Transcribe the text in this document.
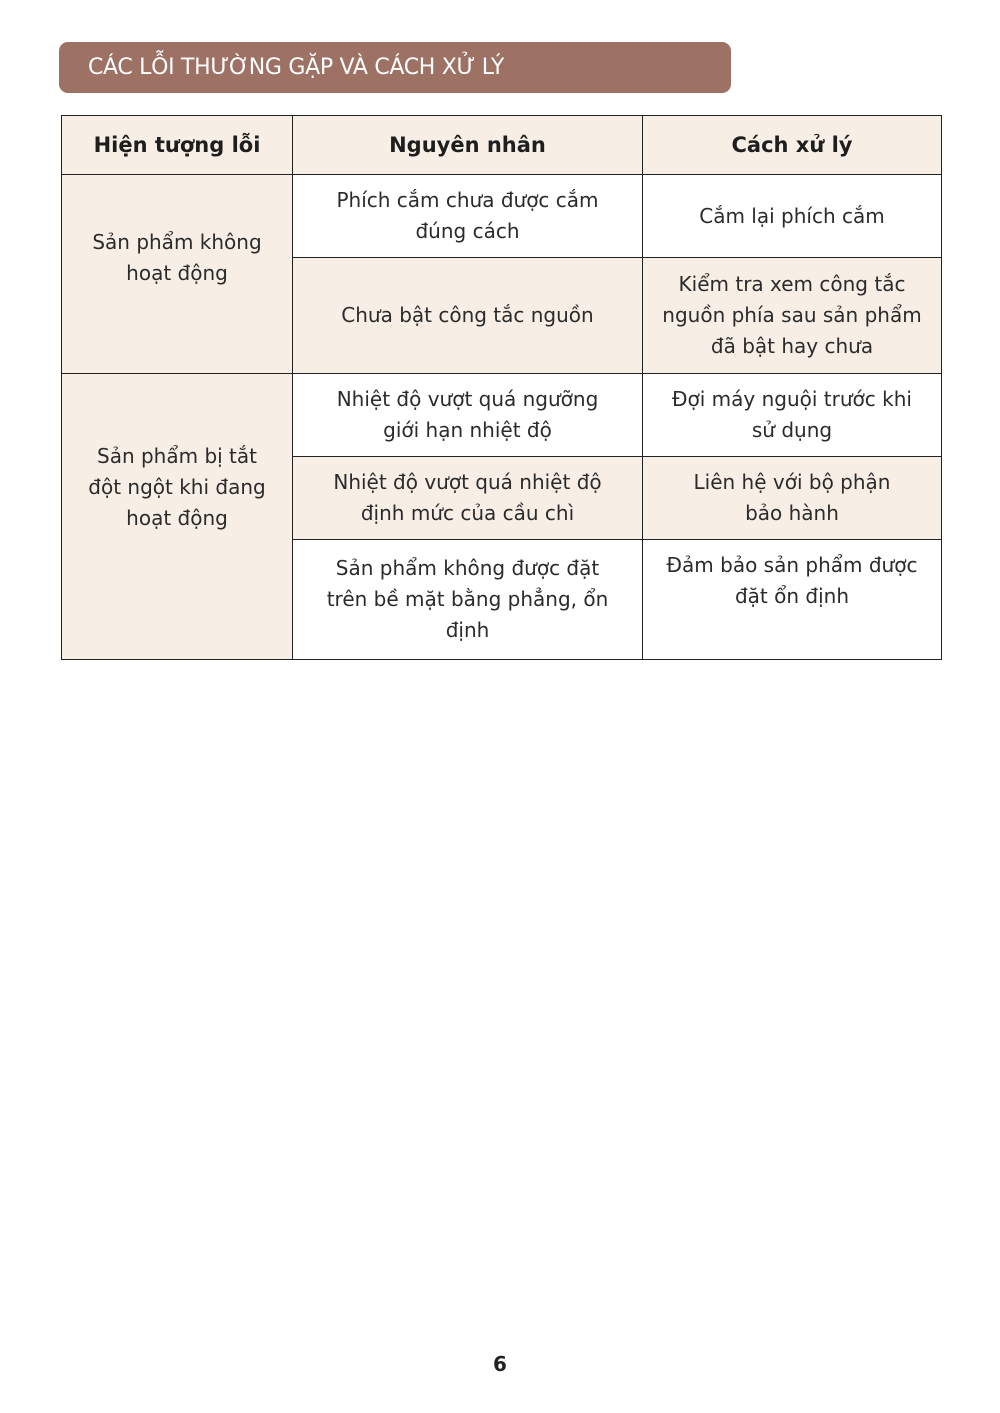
CÁC LỖI THƯỜNG GẶP VÀ CÁCH XỬ LÝ
Hiện tượng lỗi	Nguyên nhân	Cách xử lý

Sản phẩm không hoạt động	Phích cắm chưa được cắm đúng cách	Cắm lại phích cắm
	Chưa bật công tắc nguồn	Kiểm tra xem công tắc nguồn phía sau sản phẩm đã bật hay chưa

Sản phẩm bị tắt đột ngột khi đang hoạt động	Nhiệt độ vượt quá ngưỡng giới hạn nhiệt độ	Đợi máy nguội trước khi sử dụng
	Nhiệt độ vượt quá nhiệt độ định mức của cầu chì	Liên hệ với bộ phận bảo hành
	Sản phẩm không được đặt trên bề mặt bằng phẳng, ổn định	Đảm bảo sản phẩm được đặt ổn định
6
